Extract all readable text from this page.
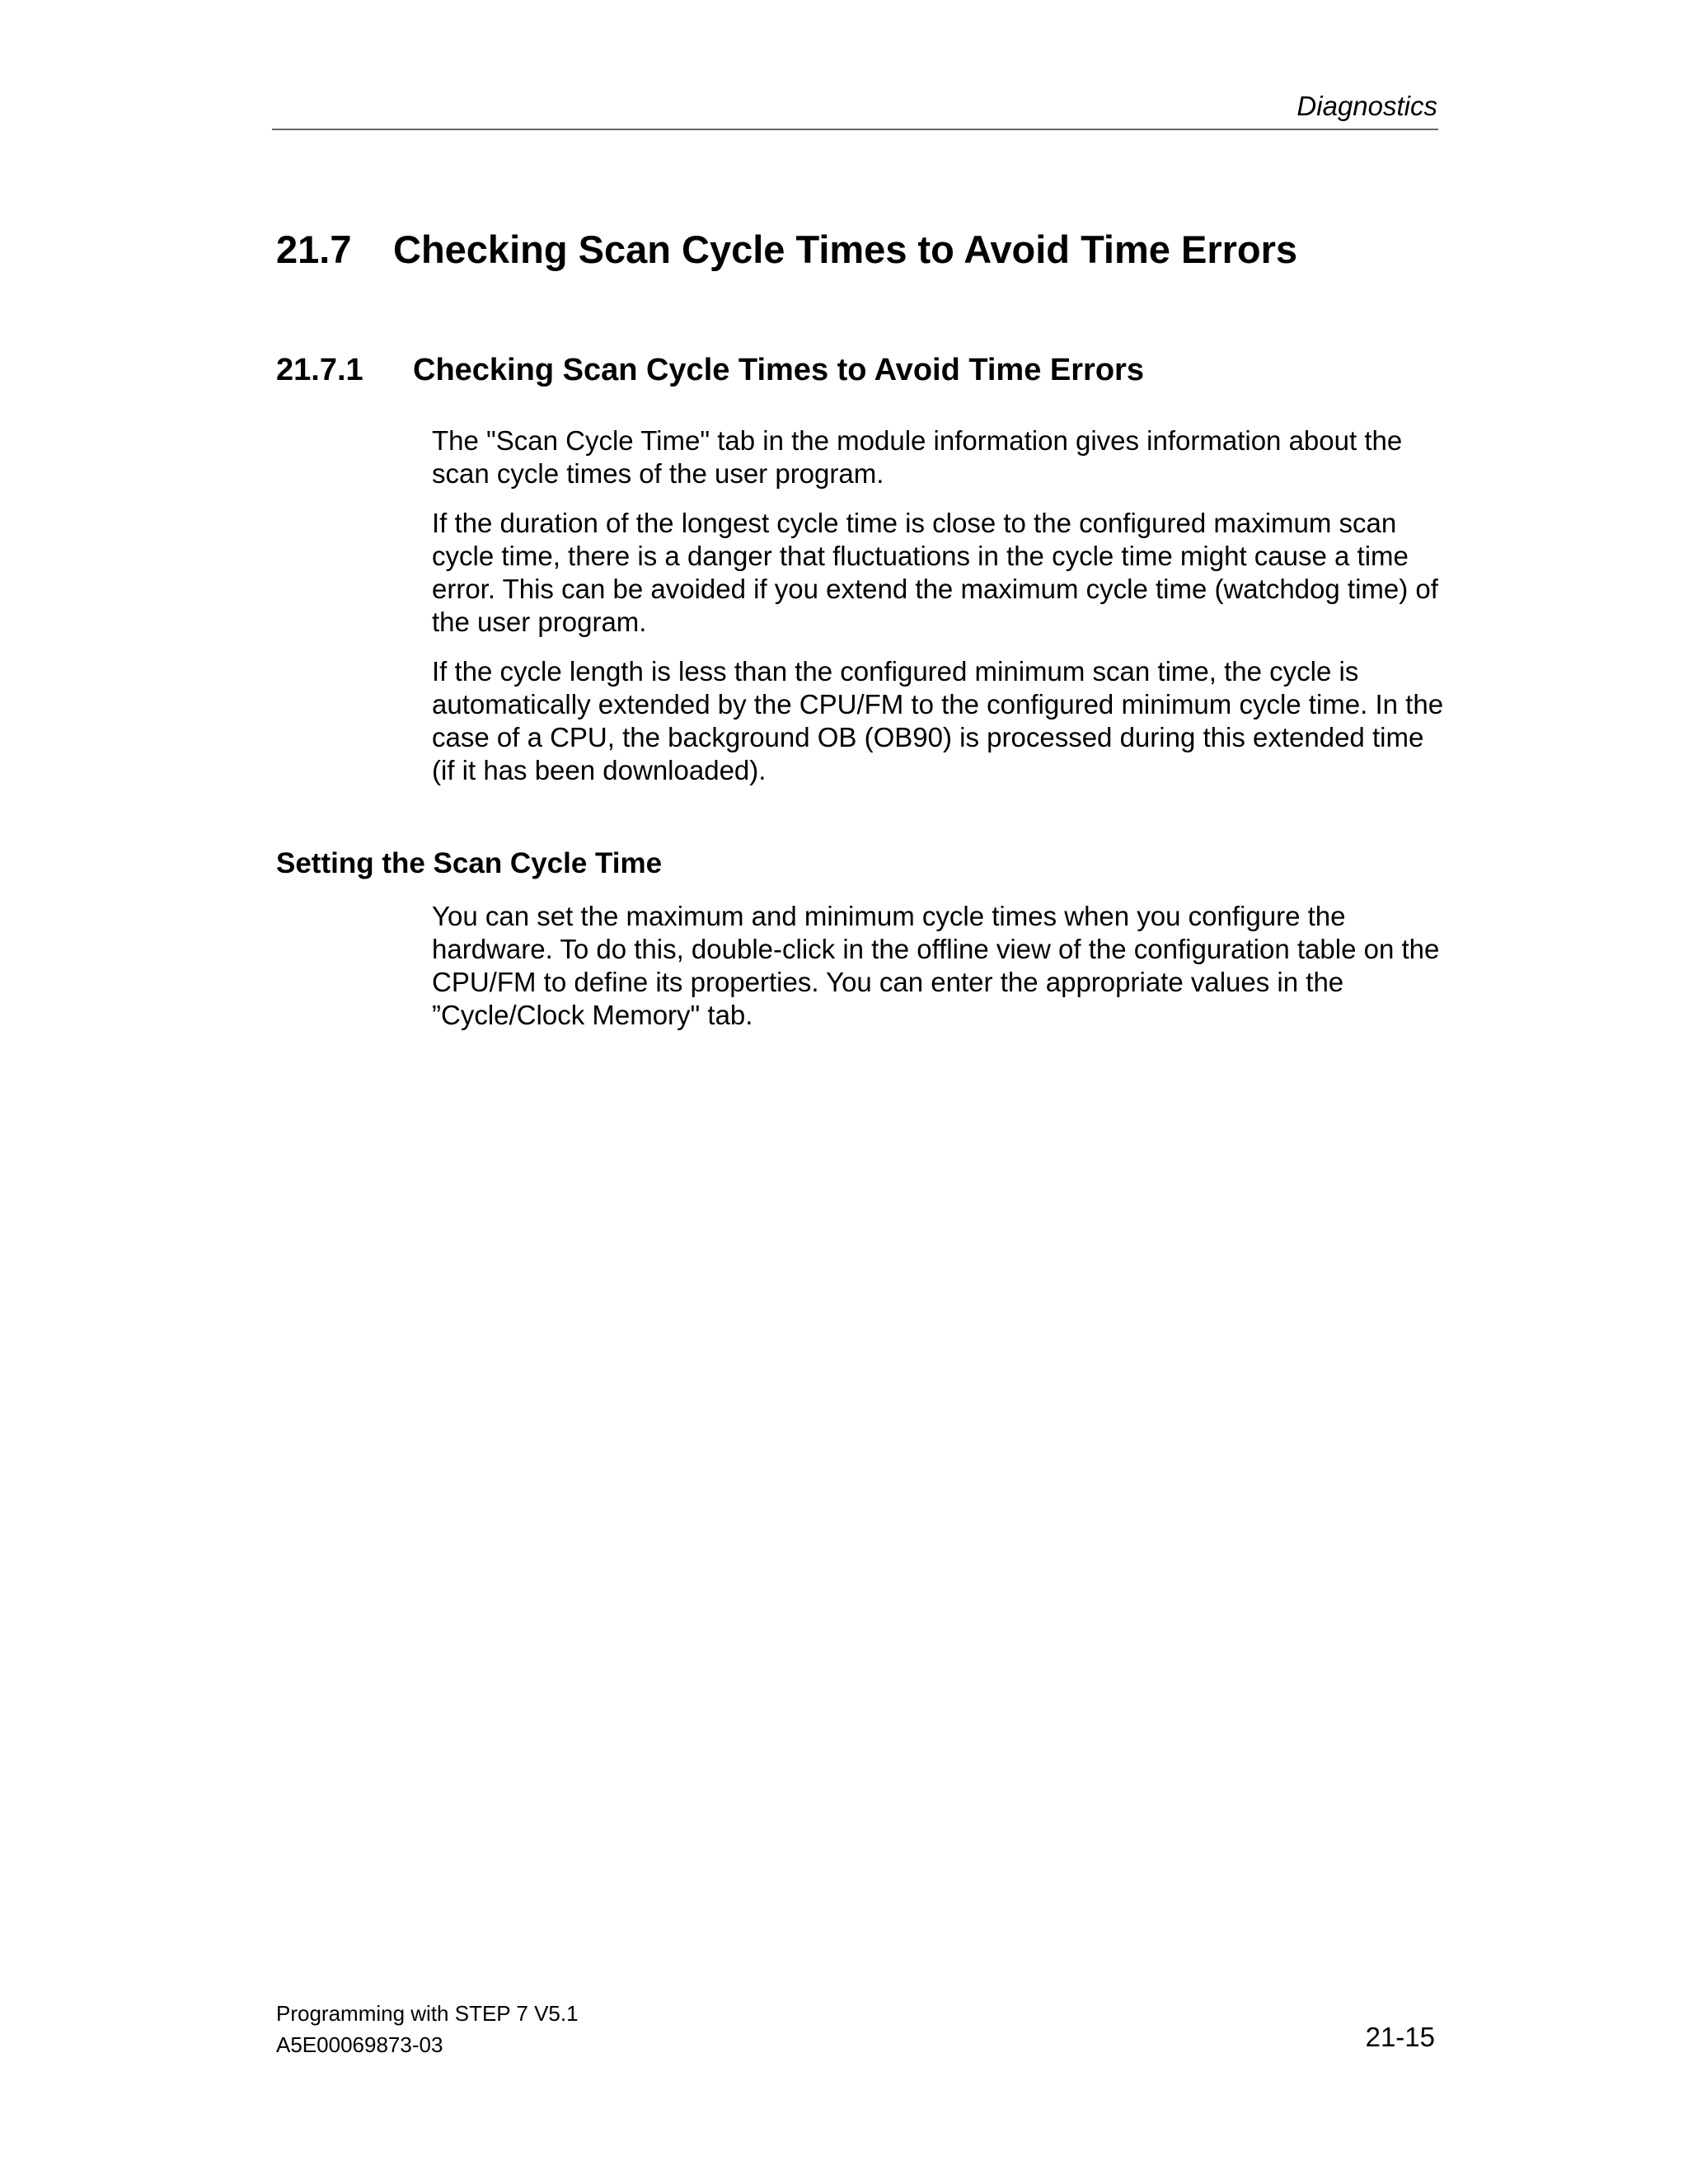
Diagnostics
21.7 Checking Scan Cycle Times to Avoid Time Errors
21.7.1 Checking Scan Cycle Times to Avoid Time Errors

The "Scan Cycle Time" tab in the module information gives information about the scan cycle times of the user program.

If the duration of the longest cycle time is close to the configured maximum scan cycle time, there is a danger that fluctuations in the cycle time might cause a time error. This can be avoided if you extend the maximum cycle time (watchdog time) of the user program.

If the cycle length is less than the configured minimum scan time, the cycle is automatically extended by the CPU/FM to the configured minimum cycle time. In the case of a CPU, the background OB (OB90) is processed during this extended time (if it has been downloaded).

Setting the Scan Cycle Time

You can set the maximum and minimum cycle times when you configure the hardware. To do this, double-click in the offline view of the configuration table on the CPU/FM to define its properties. You can enter the appropriate values in the ”Cycle/Clock Memory" tab.

Programming with STEP 7 V5.1
A5E00069873-03	21-15
